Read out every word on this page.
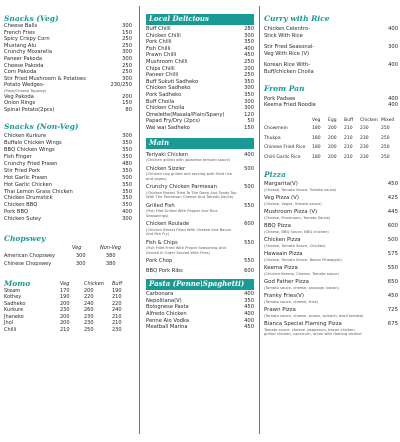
Snacks (Veg)
Cheese Balls	300
French Fries	150
Spicy Crispy Corn	250
Mustang Alu	250
Crunchy Mozarella	300
Paneer Pakoda	300
Cheese Pakoda	250
Corn Pakoda	250
Stir Fried Mushroom & Potatoes	300
Potato Wedges-	230/250
(Plain/Cheese Topping)
Veg Pakoda	200
Onion Rings	150
Spinal Potato(2pcs)	80
Snacks (Non-Veg)
Chicken Kurkure	300
Buffalo Chicken Wings	350
BBQ Chicken Wings	350
Fish Finger	350
Crunchy Fried Prawn	480
Stir Fried Pork	350
Hot Garlic Prawn	500
Hot Garlic Chicken	350
Thai Lemon Grass Chicken	350
Chicken Drumstick	350
Chicken BBQ	350
Pork BBQ	400
Chicken Sutey	300
Chopswey
Veg	Non-Veg
American Chopswey	300	380
Chinese Chopswey	300	380
Momo	Veg	Chicken	Buff
Steam	170	200	190
Kothey	190	220	210
Sadheko	200	240	220
Kurkure	230	260	240
Jhaneko	200	230	210
Jhol	200	230	210
Chilli	210	250	230
Local Delicious
Buff Chilli	280
Chicken Chilli	300
Pork Chilli	350
Fish Chilli	400
Prawn Chilli	450
Mushroom Chilli	250
Chips Chilli	200
Paneer Chilli	250
Buff Sukuti Sadheko	350
Chicken Sadheko	300
Pork Sadheko	350
Buff Choila	300
Chicken Choila	300
Omelette(Masala/Plain/Spany)	120
Papad Fry/Dry (2pcs)	50
Wai wai Sadheko	150
Main
Teriyaki Chicken	400
(Chicken grilled with japanese teriyaki sauce)
Chicken Sizzler	500
(Chicken Leg grilled and serving with fried rice and veges)
Crunchy Chicken Parmesan	500
(Chicken Breast Tried To The Deep And Toady Top With The Parmesan Cheese And Tomato Sauce)
Grilled Fish	550
(Fish Filet Grilled With Pepper And Rice Seasonings)
Chicken Roulade	600
(Chicken Breast Filled With Cheese And Bacon And Pan Fry)
Fish & Chips	550
(Fish Fillet Fried With Proper Seasoning And Served In Order Served With Fries)
Pork Chop	550
BBQ Pork Ribs	600
Pasta (Penne\Spaghetti)
Carbonara	400
Nepolitana(V)	350
Bolognese Pasta	450
Alfredo Chicken	400
Penne Alo Vodka	400
Meatball Marina	450
Curry with Rice
Chicken Celentro-	400
Stick With Rice
Stir Fried Seasonal-	300
Veg With Rice (V)
Korean Rice With-	400
Buff/chicken Choila
From Pan
Pork Padsee	400
Keema Fried Noodle	400
Veg	Egg	Buff	Chicken Mixed
Chowmein	180	200	210	230	250
Thukpa	180	200	210	230	250
Chinese Fried Rice	180	200	210	230	250
Chilli Garlic Rice	180	200	210	230	250
Pizza
Margarita(V)	450
(Cheese, Tomato Sauce, Tomato sauce)
Veg Pizza (V)	425
(Cheese, Veges, Tomato sauce)
Mushroom Pizza (V)	445
(Cheese, Mushroom, Tomato Sauce)
BBQ Pizza	600
(Cheese, BBQ Sauce, BBQ chicken)
Chicken Pizza	500
(Cheese, Tomato Sauce, Chicken)
Hawaain Pizza	575
(Cheese, Tomato Sauce, Bacon Pineapple)
Keema Pizza	550
(Chicken Keema, Cheese, Tomato sauce)
God Father Pizza	650
(Tomato sauce, cheese, sausage, bacon)
Franky Fries(V)	450
(Tomato sauce, cheese, fries)
Prawn Pizza	725
(Tomato sauce, cheese, prawn, spinach, basil tomato)
Bianca Special Flaming Pizza	675
Tomato sauce, cheese, pepperoni, bacon chicken, grilled chicken, capsicum, onion with flaming alcohol
